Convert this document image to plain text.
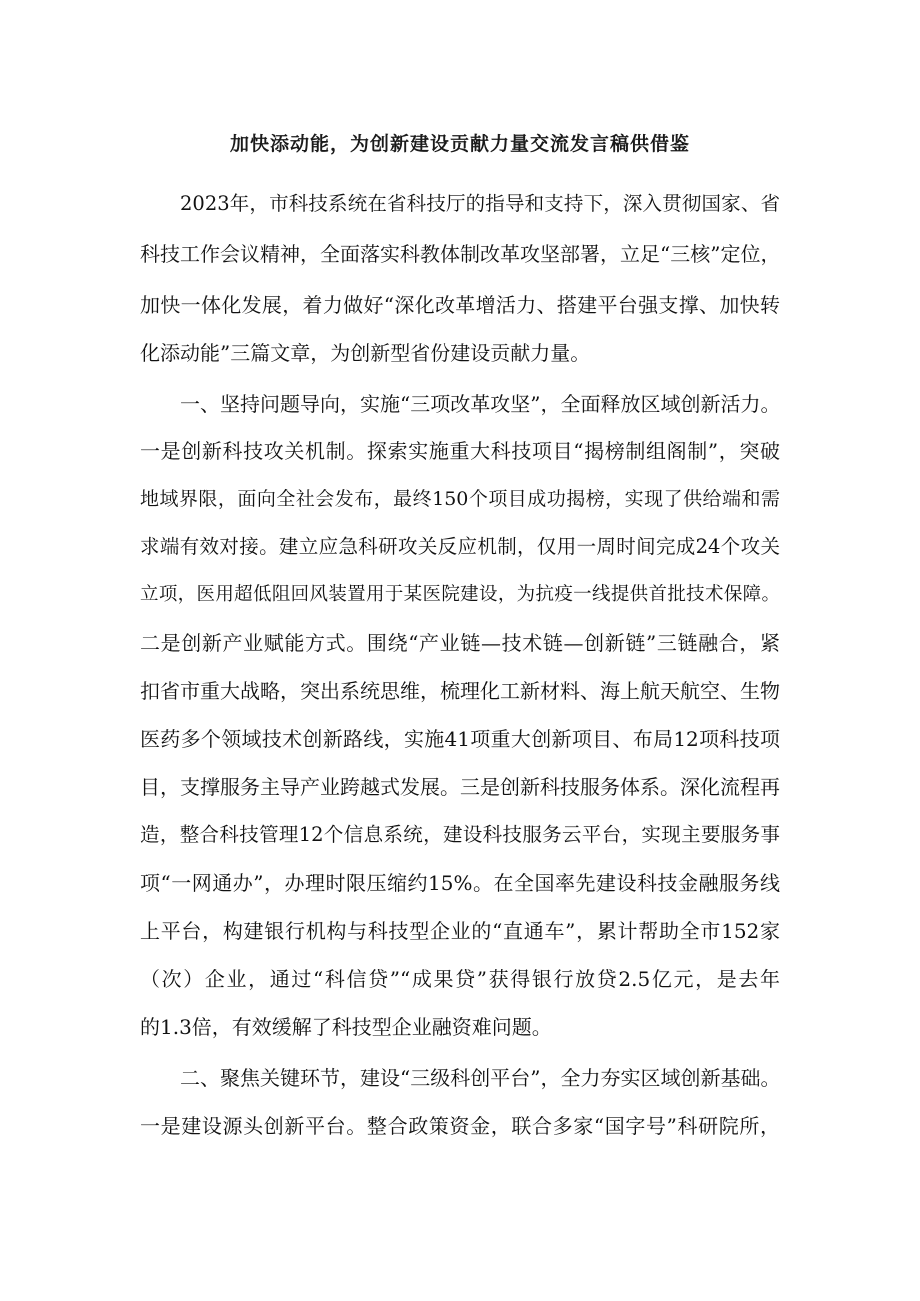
加快添动能，为创新建设贡献力量交流发言稿供借鉴
2023年，市科技系统在省科技厅的指导和支持下，深入贯彻国家、省
科技工作会议精神，全面落实科教体制改革攻坚部署，立足“三核”定位，
加快一体化发展，着力做好“深化改革增活力、搭建平台强支撑、加快转
化添动能”三篇文章，为创新型省份建设贡献力量。
一、坚持问题导向，实施“三项改革攻坚”，全面释放区域创新活力。
一是创新科技攻关机制。探索实施重大科技项目“揭榜制组阁制”，突破
地域界限，面向全社会发布，最终150个项目成功揭榜，实现了供给端和需
求端有效对接。建立应急科研攻关反应机制，仅用一周时间完成24个攻关
立项，医用超低阻回风装置用于某医院建设，为抗疫一线提供首批技术保障。
二是创新产业赋能方式。围绕“产业链—技术链—创新链”三链融合，紧
扣省市重大战略，突出系统思维，梳理化工新材料、海上航天航空、生物
医药多个领域技术创新路线，实施41项重大创新项目、布局12项科技项
目，支撑服务主导产业跨越式发展。三是创新科技服务体系。深化流程再
造，整合科技管理12个信息系统，建设科技服务云平台，实现主要服务事
项“一网通办”，办理时限压缩约15%。在全国率先建设科技金融服务线
上平台，构建银行机构与科技型企业的“直通车”，累计帮助全市152家
（次）企业，通过“科信贷”“成果贷”获得银行放贷2.5亿元，是去年
的1.3倍，有效缓解了科技型企业融资难问题。
二、聚焦关键环节，建设“三级科创平台”，全力夯实区域创新基础。
一是建设源头创新平台。整合政策资金，联合多家“国字号”科研院所，
